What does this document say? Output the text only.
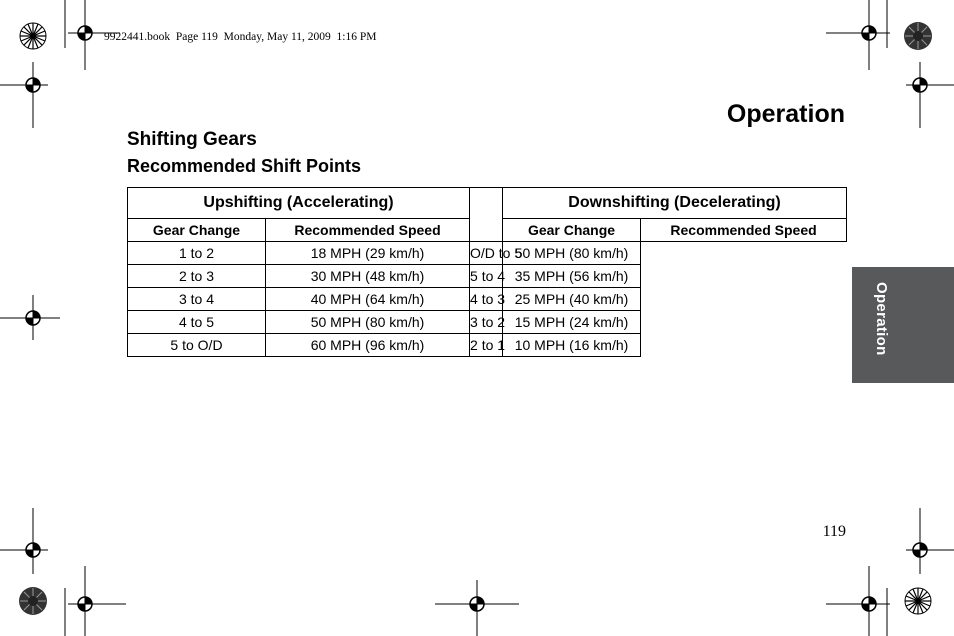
9922441.book  Page 119  Monday, May 11, 2009  1:16 PM
Operation
Shifting Gears
Recommended Shift Points
Upshifting (Accelerating)			Downshifting (Decelerating)	
Gear Change	Recommended Speed		Gear Change	Recommended Speed
1 to 2	18 MPH (29 km/h)	O/D to 5	50 MPH (80 km/h)	
2 to 3	30 MPH (48 km/h)	5 to 4	35 MPH (56 km/h)	
3 to 4	40 MPH (64 km/h)	4 to 3	25 MPH (40 km/h)	
4 to 5	50 MPH (80 km/h)	3 to 2	15 MPH (24 km/h)	
5 to O/D	60 MPH (96 km/h)	2 to 1	10 MPH (16 km/h)		Operation
119
